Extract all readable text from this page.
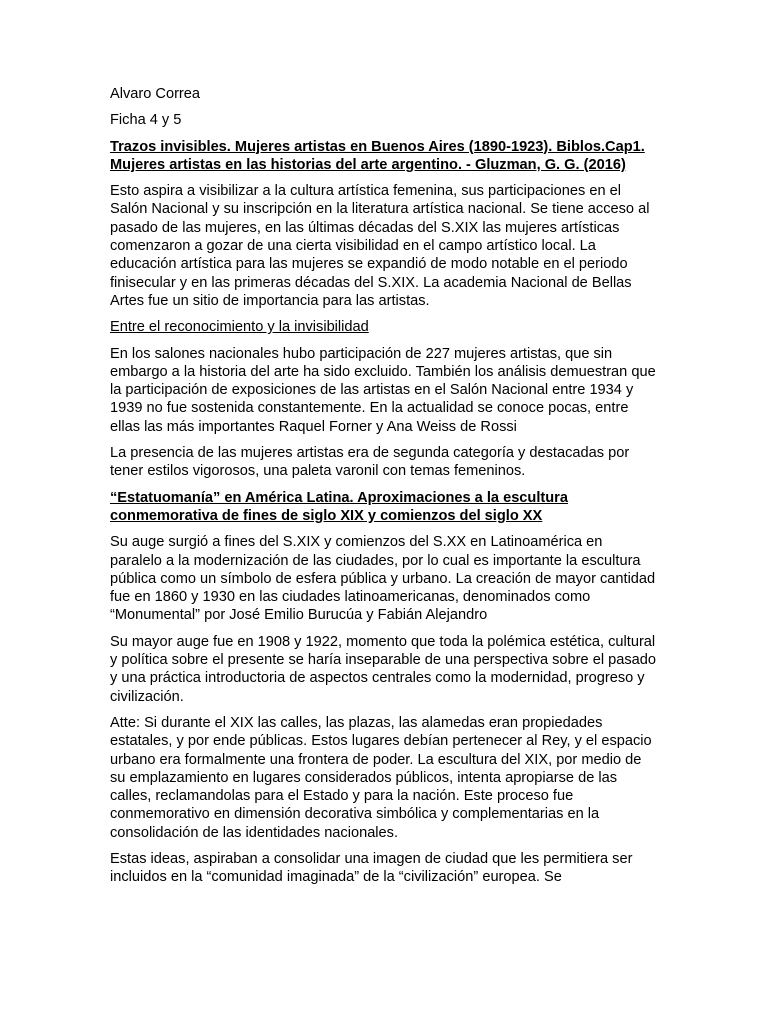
Alvaro Correa

Ficha 4 y 5

Trazos invisibles. Mujeres artistas en Buenos Aires (1890-1923). Biblos.Cap1. Mujeres artistas en las historias del arte argentino. - Gluzman, G. G. (2016)

Esto aspira a visibilizar a la cultura artística femenina, sus participaciones en el Salón Nacional y su inscripción en la literatura artística nacional. Se tiene acceso al pasado de las mujeres, en las últimas décadas del S.XIX las mujeres artísticas comenzaron a gozar de una cierta visibilidad en el campo artístico local. La educación artística para las mujeres se expandió de modo notable en el periodo finisecular y en las primeras décadas del S.XIX. La academia Nacional de Bellas Artes fue un sitio de importancia para las artistas.

Entre el reconocimiento y la invisibilidad

En los salones nacionales hubo participación de 227 mujeres artistas, que sin embargo a la historia del arte ha sido excluido. También los análisis demuestran que la participación de exposiciones de las artistas en el Salón Nacional entre 1934 y 1939 no fue sostenida constantemente. En la actualidad se conoce pocas, entre ellas las más importantes Raquel Forner y Ana Weiss de Rossi

La presencia de las mujeres artistas era de segunda categoría y destacadas por tener estilos vigorosos, una paleta varonil con temas femeninos.

“Estatuomanía” en América Latina. Aproximaciones a la escultura conmemorativa de fines de siglo XIX y comienzos del siglo XX

Su auge surgió a fines del S.XIX y comienzos del S.XX en Latinoamérica en paralelo a la modernización de las ciudades, por lo cual es importante la escultura pública como un símbolo de esfera pública y urbano. La creación de mayor cantidad fue en 1860 y 1930 en las ciudades latinoamericanas, denominados como “Monumental” por José Emilio Burucúa y Fabián Alejandro

Su mayor auge fue en 1908 y 1922, momento que toda la polémica estética, cultural y política sobre el presente se haría inseparable de una perspectiva sobre el pasado y una práctica introductoria de aspectos centrales como la modernidad, progreso y civilización.

Atte: Si durante el XIX las calles, las plazas, las alamedas eran propiedades estatales, y por ende públicas. Estos lugares debían pertenecer al Rey, y el espacio urbano era formalmente una frontera de poder. La escultura del XIX, por medio de su emplazamiento en lugares considerados públicos, intenta apropiarse de las calles, reclamandolas para el Estado y para la nación. Este proceso fue conmemorativo en dimensión decorativa simbólica y complementarias en la consolidación de las identidades nacionales.

Estas ideas, aspiraban a consolidar una imagen de ciudad que les permitiera ser incluidos en la “comunidad imaginada” de la “civilización” europea. Se
